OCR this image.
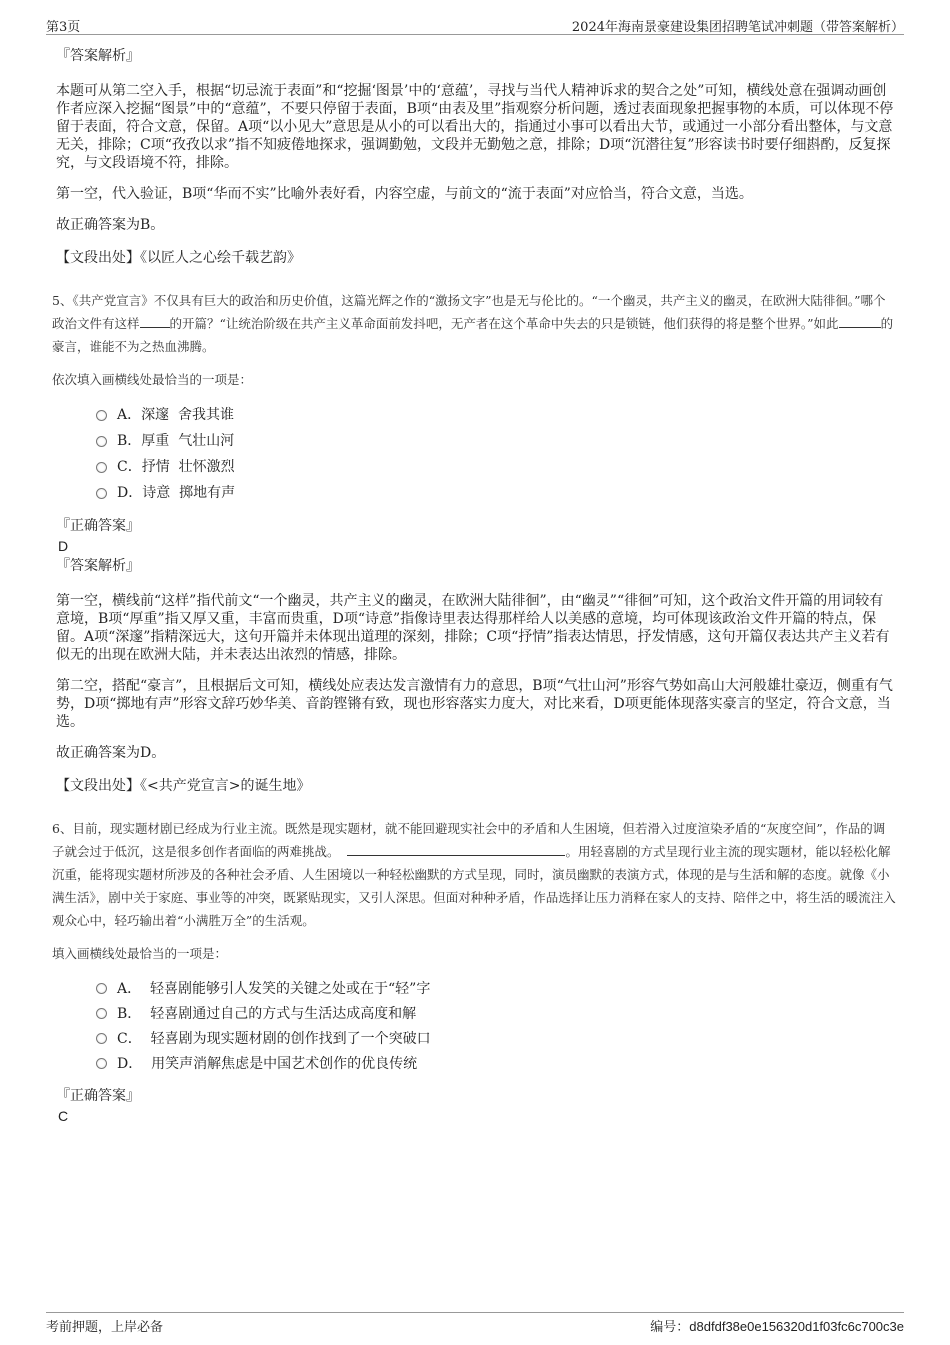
第3页	2024年海南景豪建设集团招聘笔试冲刺题（带答案解析）
『答案解析』

本题可从第二空入手，根据“切忌流于表面”和“挖掘‘图景’中的‘意蕴’，寻找与当代人精神诉求的契合之处”可知，横线处意在强调动画创作者应深入挖掘“图景”中的“意蕴”，不要只停留于表面，B项“由表及里”指观察分析问题，透过表面现象把握事物的本质，可以体现不停留于表面，符合文意，保留。A项“以小见大”意思是从小的可以看出大的，指通过小事可以看出大节，或通过一小部分看出整体，与文意无关，排除；C项“孜孜以求”指不知疲倦地探求，强调勤勉，文段并无勤勉之意，排除；D项“沉潜往复”形容读书时要仔细斟酌，反复探究，与文段语境不符，排除。

第一空，代入验证，B项“华而不实”比喻外表好看，内容空虚，与前文的“流于表面”对应恰当，符合文意，当选。

故正确答案为B。

【文段出处】《以匠人之心绘千载艺韵》
5、《共产党宣言》不仅具有巨大的政治和历史价值，这篇光辉之作的“激扬文字”也是无与伦比的。“一个幽灵，共产主义的幽灵，在欧洲大陆徘徊。”哪个政治文件有这样 的开篇？“让统治阶级在共产主义革命面前发抖吧，无产者在这个革命中失去的只是锁链，他们获得的将是整个世界。”如此	的豪言，谁能不为之热血沸腾。
依次填入画横线处最恰当的一项是：
A．深邃  舍我其谁
B．厚重  气壮山河
C．抒情  壮怀激烈
D．诗意  掷地有声
『正确答案』
D
『答案解析』

第一空，横线前“这样”指代前文“一个幽灵，共产主义的幽灵，在欧洲大陆徘徊”，由“幽灵”“徘徊”可知，这个政治文件开篇的用词较有意境，B项“厚重”指又厚又重，丰富而贵重，D项“诗意”指像诗里表达得那样给人以美感的意境，均可体现该政治文件开篇的特点，保留。A项“深邃”指精深远大，这句开篇并未体现出道理的深刻，排除；C项“抒情”指表达情思，抒发情感，这句开篇仅表达共产主义若有似无的出现在欧洲大陆，并未表达出浓烈的情感，排除。

第二空，搭配“豪言”，且根据后文可知，横线处应表达发言激情有力的意思，B项“气壮山河”形容气势如高山大河般雄壮豪迈，侧重有气势，D项“掷地有声”形容文辞巧妙华美、音韵铿锵有致，现也形容落实力度大，对比来看，D项更能体现落实豪言的坚定，符合文意，当选。

故正确答案为D。

【文段出处】《<共产党宣言>的诞生地》
6、目前，现实题材剧已经成为行业主流。既然是现实题材，就不能回避现实社会中的矛盾和人生困境，但若滑入过度渲染矛盾的“灰度空间”，作品的调子就会过于低沉，这是很多创作者面临的两难挑战。	。用轻喜剧的方式呈现行业主流的现实题材，能以轻松化解沉重，能将现实题材所涉及的各种社会矛盾、人生困境以一种轻松幽默的方式呈现，同时，演员幽默的表演方式，体现的是与生活和解的态度。就像《小满生活》，剧中关于家庭、事业等的冲突，既紧贴现实，又引人深思。但面对种种矛盾，作品选择让压力消释在家人的支持、陪伴之中，将生活的暖流注入观众心中，轻巧输出着“小满胜万全”的生活观。
填入画横线处最恰当的一项是：
A．  轻喜剧能够引人发笑的关键之处或在于“轻”字
B．  轻喜剧通过自己的方式与生活达成高度和解
C．  轻喜剧为现实题材剧的创作找到了一个突破口
D．  用笑声消解焦虑是中国艺术创作的优良传统
『正确答案』
C
考前押题，上岸必备	编号：d8dfdf38e0e156320d1f03fc6c700c3e
